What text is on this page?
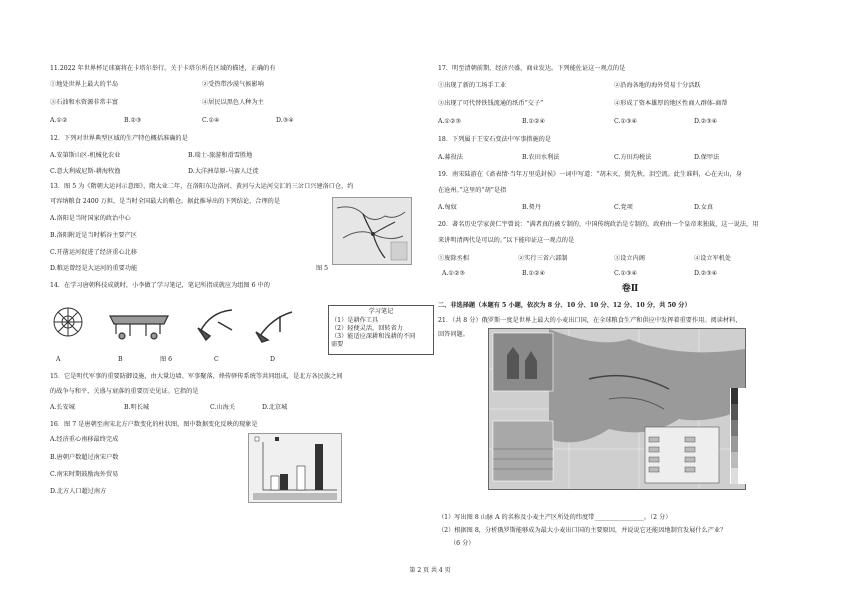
11.2022 年世界杯足球赛将在卡塔尔举行。关于卡塔尔所在区域的描述，正确的有
①地处世界上最大的半岛	②受热带沙漠气候影响
③石油和水资源非常丰富	④居民以黑色人种为主
A.①②	B.②③	C.①④	D.③④
12．下列对世界典型区域的生产特色概括准确的是
A.安第斯山区-机械化农业	B.瑞士-旅游和滑雪胜地
C.意大利威尼斯-耕海牧渔	D.大洋洲草原-马赛人迁徙
13．图 5 为《隋朝大运河示意图》，隋大业二年，在洛阳东边洛河、黄河与大运河交汇的三岔口兴建洛口仓，约
可容纳粮食 2400 万担，是当时全国最大的粮仓。据此推导出的下列结论，合理的是
A.洛阳是当时国家的政治中心
B.洛阳附近是当时稻谷主要产区
C.开凿运河促进了经济重心北移
D.粮运曾经是大运河的重要功能	图 5
14．在学习唐朝科技成就时，小李做了学习笔记，笔记所指成就应为组图 6 中的
学习笔记
（1）是耕作工具
（2）轻便灵活，回转省力
（3）能适应深耕和浅耕的不同
需要
A	B	图 6	C	D
15．它是明代军事的重要防御设施，由大量边墙、军事聚落、烽传驿传系统等共同组成，是北方各民族之间
的战争与和平、关盛与衰落的重要历史见证。它指的是
A.长安城	B.明长城	C.山海关	D.北京城
16．图 7 是唐朝至南宋北方户数变化的柱状图，图中数据变化反映的现象是
A.经济重心南移最终完成
B.唐朝户数超过南宋户数
C.南宋时期鼓励海外贸易
D.北方人口超过南方
17．明至清朝前期，经济兴盛，商业发达。下列能佐证这一观点的是
①出现了新的工场手工业	②沿海各地的海外贸易十分活跃
③出现了可代替铁钱流通的纸币“交子”	④形成了资本雄厚的地区性商人群体-商帮
A.①②③	B.①②④	C.①③④	D.②③④
18．下列属于王安石变法中军事措施的是
A.募役法	B.农田水利法	C.方田均税法	D.保甲法
19．南宋陆游在《斋表情·当年万里觅封侯》一词中写道：“胡未灭，鬓先秋，泪空流。此生谁料，心在天山，身
在沧州。”这里的“胡”是指
A.匈奴	B.契丹	C.党项	D.女真
20．著名历史学家黄仁宇曾说：“满者真的被专制的，中国传统政治是专制的，政府由一个皇帝来独裁，这一说法，用
来讲明清两代是可以的。”以下能印证这一观点的是
①废除丞相	②实行三省六部制	③设立内阁	④设立军机处
A.①②③	B.①②④	C.①③④	D.②③④
卷Ⅱ
二、非选择题（本题有 5 小题，依次为 8 分、10 分、10 分、12 分、10 分，共 50 分）
21．（共 8 分）俄罗斯一度是世界上最大的小麦出口国，在全球粮食生产和供应中发挥着重要作用。阅读材料，
回答问题。
（1）写出图 8 山脉 A 的名称及小麦主产区所处的纬度带________________。（2 分）
（2）根据图 8，分析俄罗斯能够成为最大小麦出口国的主要原因，并说说它还能因地制宜发展什么产业？
（6 分）
第 2 页 共 4 页
